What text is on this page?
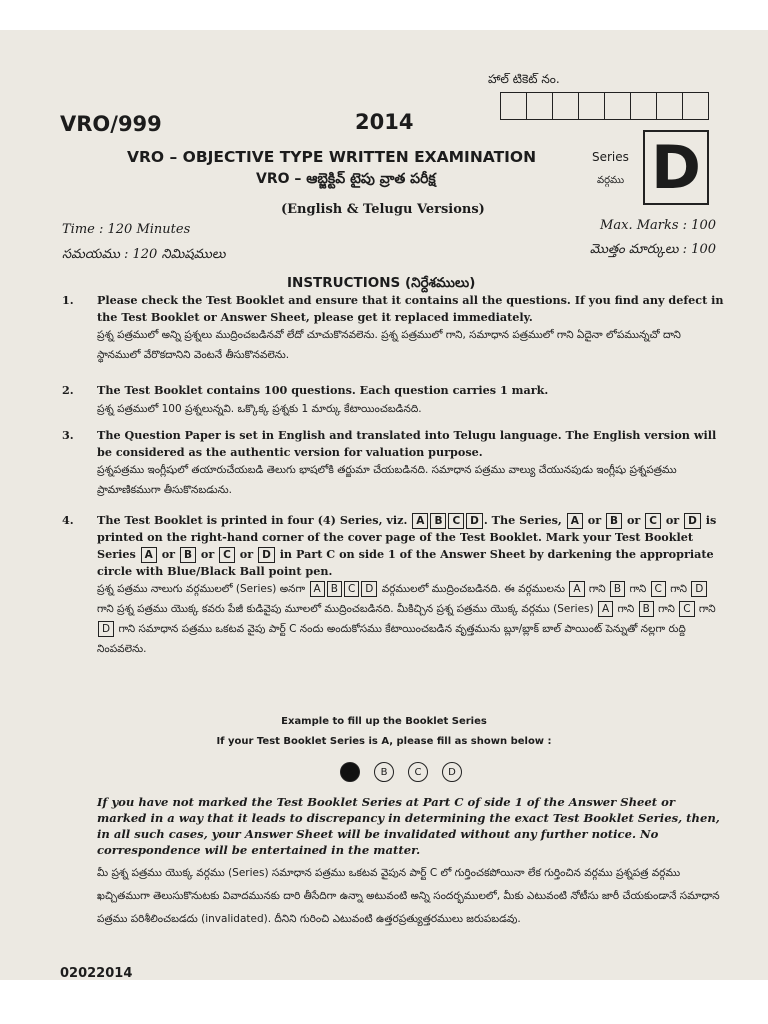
హాల్ టికెట్ నం.
VRO/999	2014
VRO – OBJECTIVE TYPE WRITTEN EXAMINATION
VRO – ఆబ్జెక్టివ్ టైపు వ్రాత పరీక్ష
(English & Telugu Versions)
Series
వర్గము D
Time : 120 Minutes
సమయము : 120 నిమిషములు
Max. Marks : 100
మొత్తం మార్కులు : 100
INSTRUCTIONS (నిర్దేశములు)
1. Please check the Test Booklet and ensure that it contains all the questions. If you find any defect in the Test Booklet or Answer Sheet, please get it replaced immediately.
ప్రశ్న పత్రములో అన్ని ప్రశ్నలు ముద్రించబడినవో లేదో చూచుకొనవలెను. ప్రశ్న పత్రములో గాని, సమాధాన పత్రములో గాని ఏదైనా లోపమున్నచో దాని స్థానములో వేరొకదానిని వెంటనే తీసుకొనవలెను.
2. The Test Booklet contains 100 questions. Each question carries 1 mark.
ప్రశ్న పత్రములో 100 ప్రశ్నలున్నవి. ఒక్కొక్క ప్రశ్నకు 1 మార్కు కేటాయించబడినది.
3. The Question Paper is set in English and translated into Telugu language. The English version will be considered as the authentic version for valuation purpose.
ప్రశ్నపత్రము ఇంగ్లీషులో తయారుచేయబడి తెలుగు భాషలోకి తర్జుమా చేయబడినది. సమాధాన పత్రము వాల్యు చేయునపుడు ఇంగ్లీషు ప్రశ్నపత్రము ప్రామాణికముగా తీసుకొనబడును.
4. The Test Booklet is printed in four (4) Series, viz. A B C D . The Series, A or B or C or D is printed on the right-hand corner of the cover page of the Test Booklet. Mark your Test Booklet Series A or B or C or D in Part C on side 1 of the Answer Sheet by darkening the appropriate circle with Blue/Black Ball point pen.
ప్రశ్న పత్రము నాలుగు వర్గములలో (Series) అనగా A B C D వర్గములలో ముద్రించబడినది. ఈ వర్గములను A గాని B గాని C గాని D గాని ప్రశ్న పత్రము యొక్క కవరు పేజీ కుడివైపు మూలలో ముద్రించబడినది. మీకిచ్చిన ప్రశ్న పత్రము యొక్క వర్గము (Series) A గాని B గాని C గాని D గాని సమాధాన పత్రము ఒకటవ వైపు పార్ట్ C నందు అందుకోసము కేటాయించబడిన వృత్తమును బ్లూ/బ్లాక్ బాల్ పాయింట్ పెన్నుతో నల్లగా రుద్ది నింపవలెను.
Example to fill up the Booklet Series
If your Test Booklet Series is A, please fill as shown below :
A	B	C	D
If you have not marked the Test Booklet Series at Part C of side 1 of the Answer Sheet or marked in a way that it leads to discrepancy in determining the exact Test Booklet Series, then, in all such cases, your Answer Sheet will be invalidated without any further notice. No correspondence will be entertained in the matter.
మీ ప్రశ్న పత్రము యొక్క వర్గము (Series) సమాధాన పత్రము ఒకటవ వైపున పార్ట్ C లో గుర్తించకపోయినా లేక గుర్తించిన వర్గము ప్రశ్నపత్ర వర్గము ఖచ్చితముగా తెలుసుకొనుటకు వివాదమునకు దారి తీసేదిగా ఉన్నా అటువంటి అన్ని సందర్భములలో, మీకు ఎటువంటి నోటీసు జారీ చేయకుండానే సమాధాన పత్రము పరిశీలించబడదు (invalidated). దీనిని గురించి ఎటువంటి ఉత్తరప్రత్యుత్తరములు జరుపబడవు.
02022014
